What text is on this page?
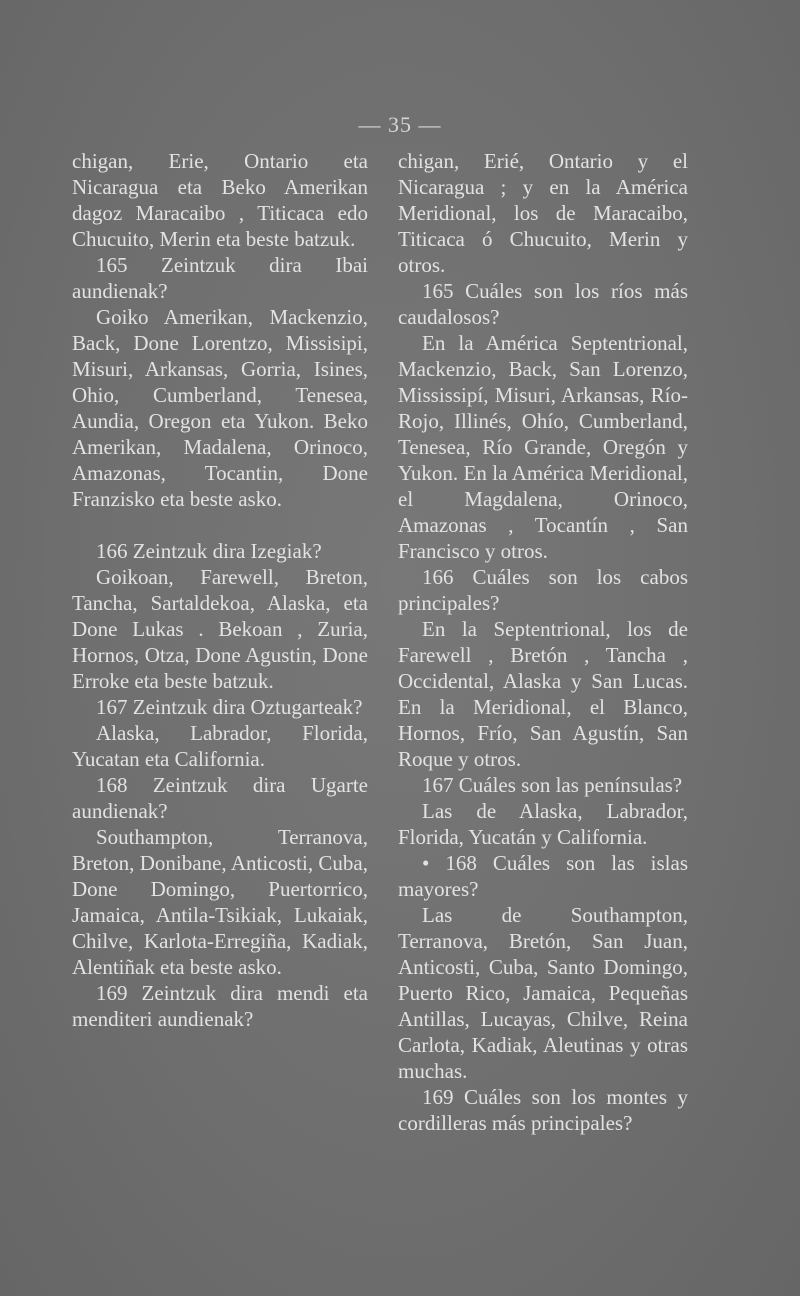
— 35 —

chigan, Erie, Ontario eta Nicaragua eta Beko Amerikan dagoz Maracaibo , Titicaca edo Chucuito, Merin eta beste batzuk.

165 Zeintzuk dira Ibai aundienak?

Goiko Amerikan, Mackenzio, Back, Done Lorentzo, Missisipi, Misuri, Arkansas, Gorria, Isines, Ohio, Cumberland, Tenesea, Aundia, Oregon eta Yukon. Beko Amerikan, Madalena, Orinoco, Amazonas, Tocantin, Done Franzisko eta beste asko.

166 Zeintzuk dira Izegiak?

Goikoan, Farewell, Breton, Tancha, Sartaldekoa, Alaska, eta Done Lukas . Bekoan , Zuria, Hornos, Otza, Done Agustin, Done Erroke eta beste batzuk.

167 Zeintzuk dira Oztugarteak?

Alaska, Labrador, Florida, Yucatan eta California.

168 Zeintzuk dira Ugarte aundienak?

Southampton, Terranova, Breton, Donibane, Anticosti, Cuba, Done Domingo, Puertorrico, Jamaica, Antila-Tsikiak, Lukaiak, Chilve, Karlota-Erregiña, Kadiak, Alentiñak eta beste asko.

169 Zeintzuk dira mendi eta menditeri aundienak?

chigan, Erié, Ontario y el Nicaragua ; y en la América Meridional, los de Maracaibo, Titicaca ó Chucuito, Merin y otros.

165 Cuáles son los ríos más caudalosos?

En la América Septentrional, Mackenzio, Back, San Lorenzo, Mississipí, Misuri, Arkansas, Río-Rojo, Illinés, Ohío, Cumberland, Tenesea, Río Grande, Oregón y Yukon. En la América Meridional, el Magdalena, Orinoco, Amazonas , Tocantín , San Francisco y otros.

166 Cuáles son los cabos principales?

En la Septentrional, los de Farewell , Bretón , Tancha , Occidental, Alaska y San Lucas. En la Meridional, el Blanco, Hornos, Frío, San Agustín, San Roque y otros.

167 Cuáles son las penínsulas?

Las de Alaska, Labrador, Florida, Yucatán y California.

• 168 Cuáles son las islas mayores?

Las de Southampton, Terranova, Bretón, San Juan, Anticosti, Cuba, Santo Domingo, Puerto Rico, Jamaica, Pequeñas Antillas, Lucayas, Chilve, Reina Carlota, Kadiak, Aleutinas y otras muchas.

169 Cuáles son los montes y cordilleras más principales?
